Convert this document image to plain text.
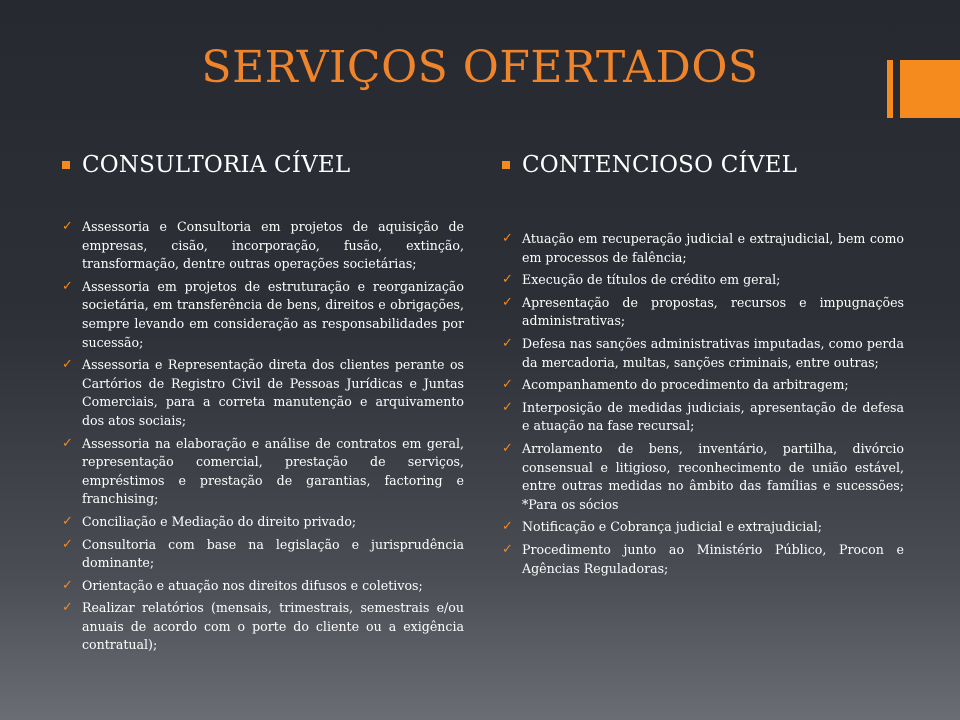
SERVIÇOS OFERTADOS
CONSULTORIA CÍVEL
✓ Assessoria e Consultoria em projetos de aquisição de empresas, cisão, incorporação, fusão, extinção, transformação, dentre outras operações societárias;
✓ Assessoria em projetos de estruturação e reorganização societária, em transferência de bens, direitos e obrigações, sempre levando em consideração as responsabilidades por sucessão;
✓ Assessoria e Representação direta dos clientes perante os Cartórios de Registro Civil de Pessoas Jurídicas e Juntas Comerciais, para a correta manutenção e arquivamento dos atos sociais;
✓ Assessoria na elaboração e análise de contratos em geral, representação comercial, prestação de serviços, empréstimos e prestação de garantias, factoring e franchising;
✓ Conciliação e Mediação do direito privado;
✓ Consultoria com base na legislação e jurisprudência dominante;
✓ Orientação e atuação nos direitos difusos e coletivos;
✓ Realizar relatórios (mensais, trimestrais, semestrais e/ou anuais de acordo com o porte do cliente ou a exigência contratual);
CONTENCIOSO CÍVEL
✓ Atuação em recuperação judicial e extrajudicial, bem como em processos de falência;
✓ Execução de títulos de crédito em geral;
✓ Apresentação de propostas, recursos e impugnações administrativas;
✓ Defesa nas sanções administrativas imputadas, como perda da mercadoria, multas, sanções criminais, entre outras;
✓ Acompanhamento do procedimento da arbitragem;
✓ Interposição de medidas judiciais, apresentação de defesa e atuação na fase recursal;
✓ Arrolamento de bens, inventário, partilha, divórcio consensual e litigioso, reconhecimento de união estável, entre outras medidas no âmbito das famílias e sucessões; *Para os sócios
✓ Notificação e Cobrança judicial e extrajudicial;
✓ Procedimento junto ao Ministério Público, Procon e Agências Reguladoras;
